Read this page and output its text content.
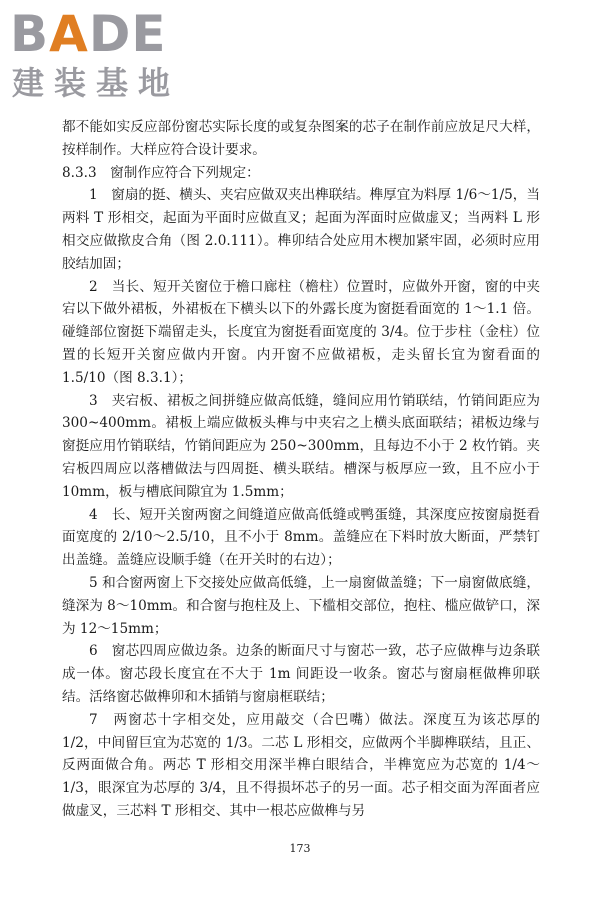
BADE
建装基地

都不能如实反应部份窗芯实际长度的或复杂图案的芯子在制作前应放足尺大样，按样制作。大样应符合设计要求。

8.3.3　窗制作应符合下列规定：

1　窗扇的挺、横头、夹宕应做双夹出榫联结。榫厚宜为料厚 1/6～1/5，当两料 T 形相交，起面为平面时应做直叉；起面为浑面时应做虚叉；当两料 L 形相交应做揿皮合角（图 2.0.111）。榫卯结合处应用木楔加紧牢固，必须时应用胶结加固；

2　当长、短开关窗位于檐口廊柱（檐柱）位置时，应做外开窗，窗的中夹宕以下做外裙板，外裙板在下横头以下的外露长度为窗挺看面宽的 1～1.1 倍。碰缝部位窗挺下端留走头，长度宜为窗挺看面宽度的 3/4。位于步柱（金柱）位置的长短开关窗应做内开窗。内开窗不应做裙板，走头留长宜为窗看面的 1.5/10（图 8.3.1）；

3　夹宕板、裙板之间拼缝应做高低缝，缝间应用竹销联结，竹销间距应为 300~400mm。裙板上端应做板头榫与中夹宕之上横头底面联结；裙板边缘与窗挺应用竹销联结，竹销间距应为 250~300mm，且每边不小于 2 枚竹销。夹宕板四周应以落槽做法与四周挺、横头联结。槽深与板厚应一致，且不应小于 10mm，板与槽底间隙宜为 1.5mm；

4　长、短开关窗两窗之间缝道应做高低缝或鸭蛋缝，其深度应按窗扇挺看面宽度的 2/10～2.5/10，且不小于 8mm。盖缝应在下料时放大断面，严禁钉出盖缝。盖缝应设顺手缝（在开关时的右边）；

5 和合窗两窗上下交接处应做高低缝，上一扇窗做盖缝；下一扇窗做底缝，缝深为 8～10mm。和合窗与抱柱及上、下槛相交部位，抱柱、槛应做铲口，深为 12～15mm；

6　窗芯四周应做边条。边条的断面尺寸与窗芯一致，芯子应做榫与边条联成一体。窗芯段长度宜在不大于 1m 间距设一收条。窗芯与窗扇框做榫卯联结。活络窗芯做榫卯和木插销与窗扇框联结；

7　两窗芯十字相交处，应用敲交（合巴嘴）做法。深度互为该芯厚的 1/2，中间留巨宜为芯宽的 1/3。二芯 L 形相交，应做两个半脚榫联结，且正、反两面做合角。两芯 T 形相交用深半榫白眼结合，半榫宽应为芯宽的 1/4～1/3，眼深宜为芯厚的 3/4，且不得损坏芯子的另一面。芯子相交面为浑面者应做虚叉，三芯料 T 形相交、其中一根芯应做榫与另

173
